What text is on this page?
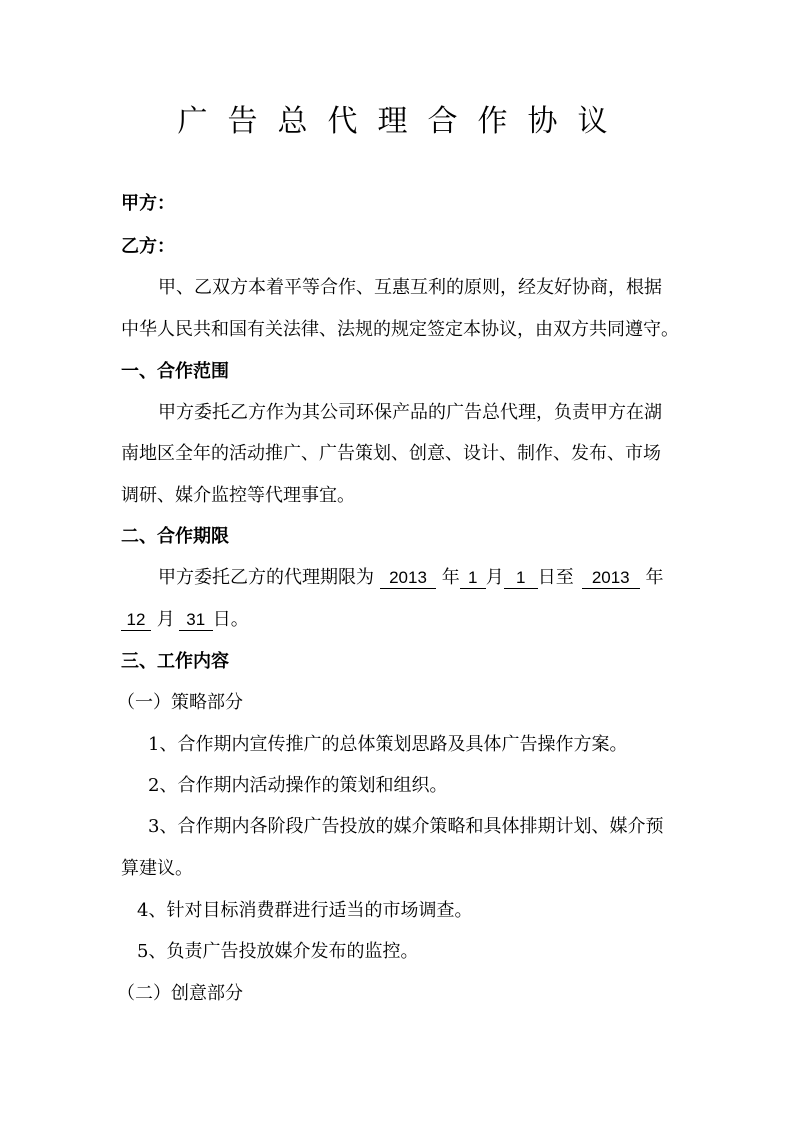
广告总代理合作协议

甲方：

乙方：

甲、乙双方本着平等合作、互惠互利的原则，经友好协商，根据

中华人民共和国有关法律、法规的规定签定本协议，由双方共同遵守。

一、合作范围

甲方委托乙方作为其公司环保产品的广告总代理，负责甲方在湖

南地区全年的活动推广、广告策划、创意、设计、制作、发布、市场

调研、媒介监控等代理事宜。

二、合作期限

甲方委托乙方的代理期限为 2013 年 1 月 1 日至 2013 年

12 月 31 日。

三、工作内容

（一）策略部分

1、合作期内宣传推广的总体策划思路及具体广告操作方案。

2、合作期内活动操作的策划和组织。

3、合作期内各阶段广告投放的媒介策略和具体排期计划、媒介预

算建议。

4、针对目标消费群进行适当的市场调查。

5、负责广告投放媒介发布的监控。

（二）创意部分
